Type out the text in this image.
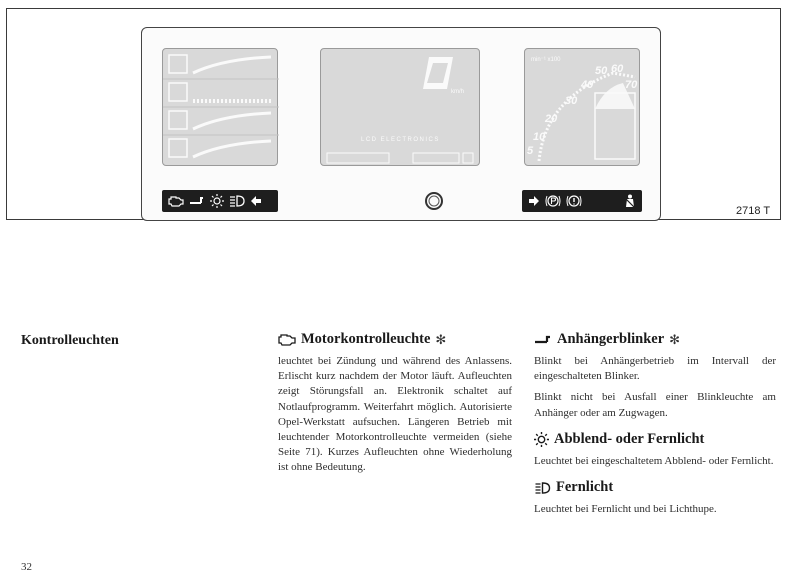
km/h
LCD ELECTRONICS
min⁻¹ x100
5
10
20
30
40
50 60
70
2718 T
Kontrolleuchten	Motorkontrolleuchte ✻

leuchtet bei Zündung und während des Anlassens. Erlischt kurz nachdem der Motor läuft. Aufleuchten zeigt Störungsfall an. Elektronik schaltet auf Notlaufprogramm. Weiterfahrt möglich. Autorisierte Opel-Werkstatt aufsuchen. Längeren Betrieb mit leuchtender Motorkontrolleuchte vermeiden (siehe Seite 71). Kurzes Aufleuchten ohne Wiederholung ist ohne Bedeutung.

Anhängerblinker ✻

Blinkt bei Anhängerbetrieb im Intervall der eingeschalteten Blinker.

Blinkt nicht bei Ausfall einer Blinkleuchte am Anhänger oder am Zugwagen.

Abblend- oder Fernlicht

Leuchtet bei eingeschaltetem Abblend- oder Fernlicht.

Fernlicht

Leuchtet bei Fernlicht und bei Lichthupe.

32
